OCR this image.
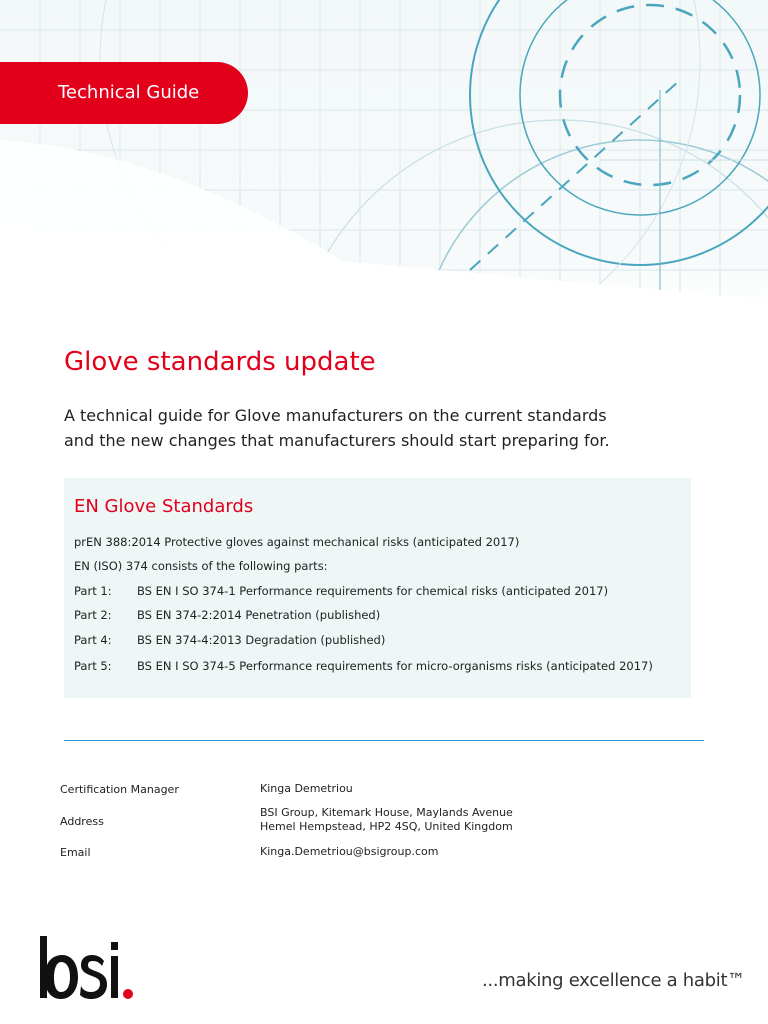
Technical Guide
Glove standards update
A technical guide for Glove manufacturers on the current standards
and the new changes that manufacturers should start preparing for.
EN Glove Standards
prEN 388:2014 Protective gloves against mechanical risks (anticipated 2017)
EN (ISO) 374 consists of the following parts:
Part 1: BS EN I SO 374-1 Performance requirements for chemical risks (anticipated 2017)
Part 2: BS EN 374-2:2014 Penetration (published)
Part 4: BS EN 374-4:2013 Degradation (published)
Part 5: BS EN I SO 374-5 Performance requirements for micro-organisms risks (anticipated 2017)
Certification Manager	Kinga Demetriou
Address
BSI Group, Kitemark House, Maylands Avenue
Hemel Hempstead, HP2 4SQ, United Kingdom
Email	Kinga.Demetriou@bsigroup.com
...making excellence a habit™
